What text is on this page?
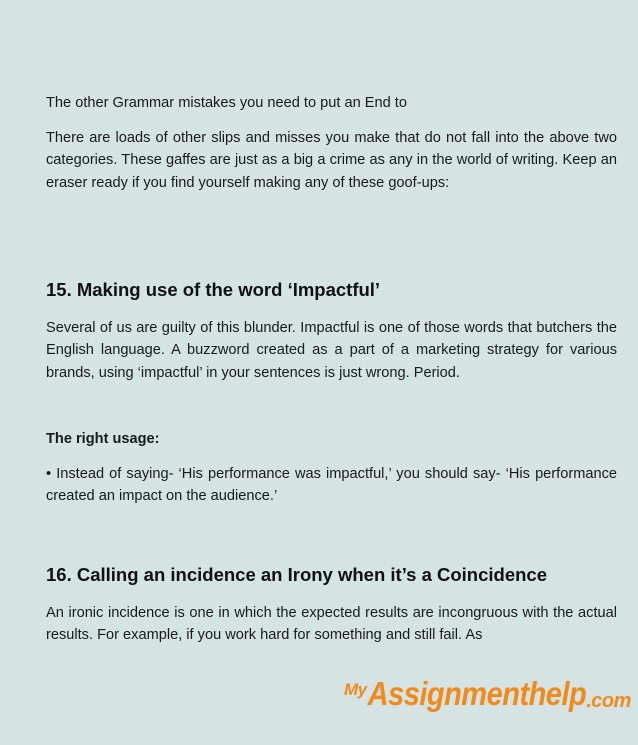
The other Grammar mistakes you need to put an End to

There are loads of other slips and misses you make that do not fall into the above two categories. These gaffes are just as a big a crime as any in the world of writing. Keep an eraser ready if you find yourself making any of these goof-ups:

15. Making use of the word ‘Impactful’

Several of us are guilty of this blunder. Impactful is one of those words that butchers the English language. A buzzword created as a part of a marketing strategy for various brands, using ‘impactful’ in your sentences is just wrong. Period.

The right usage:

• Instead of saying- ‘His performance was impactful,’ you should say- ‘His performance created an impact on the audience.’

16. Calling an incidence an Irony when it’s a Coincidence

An ironic incidence is one in which the expected results are incongruous with the actual results. For example, if you work hard for something and still fail. As

My Assignmenthelp .com
